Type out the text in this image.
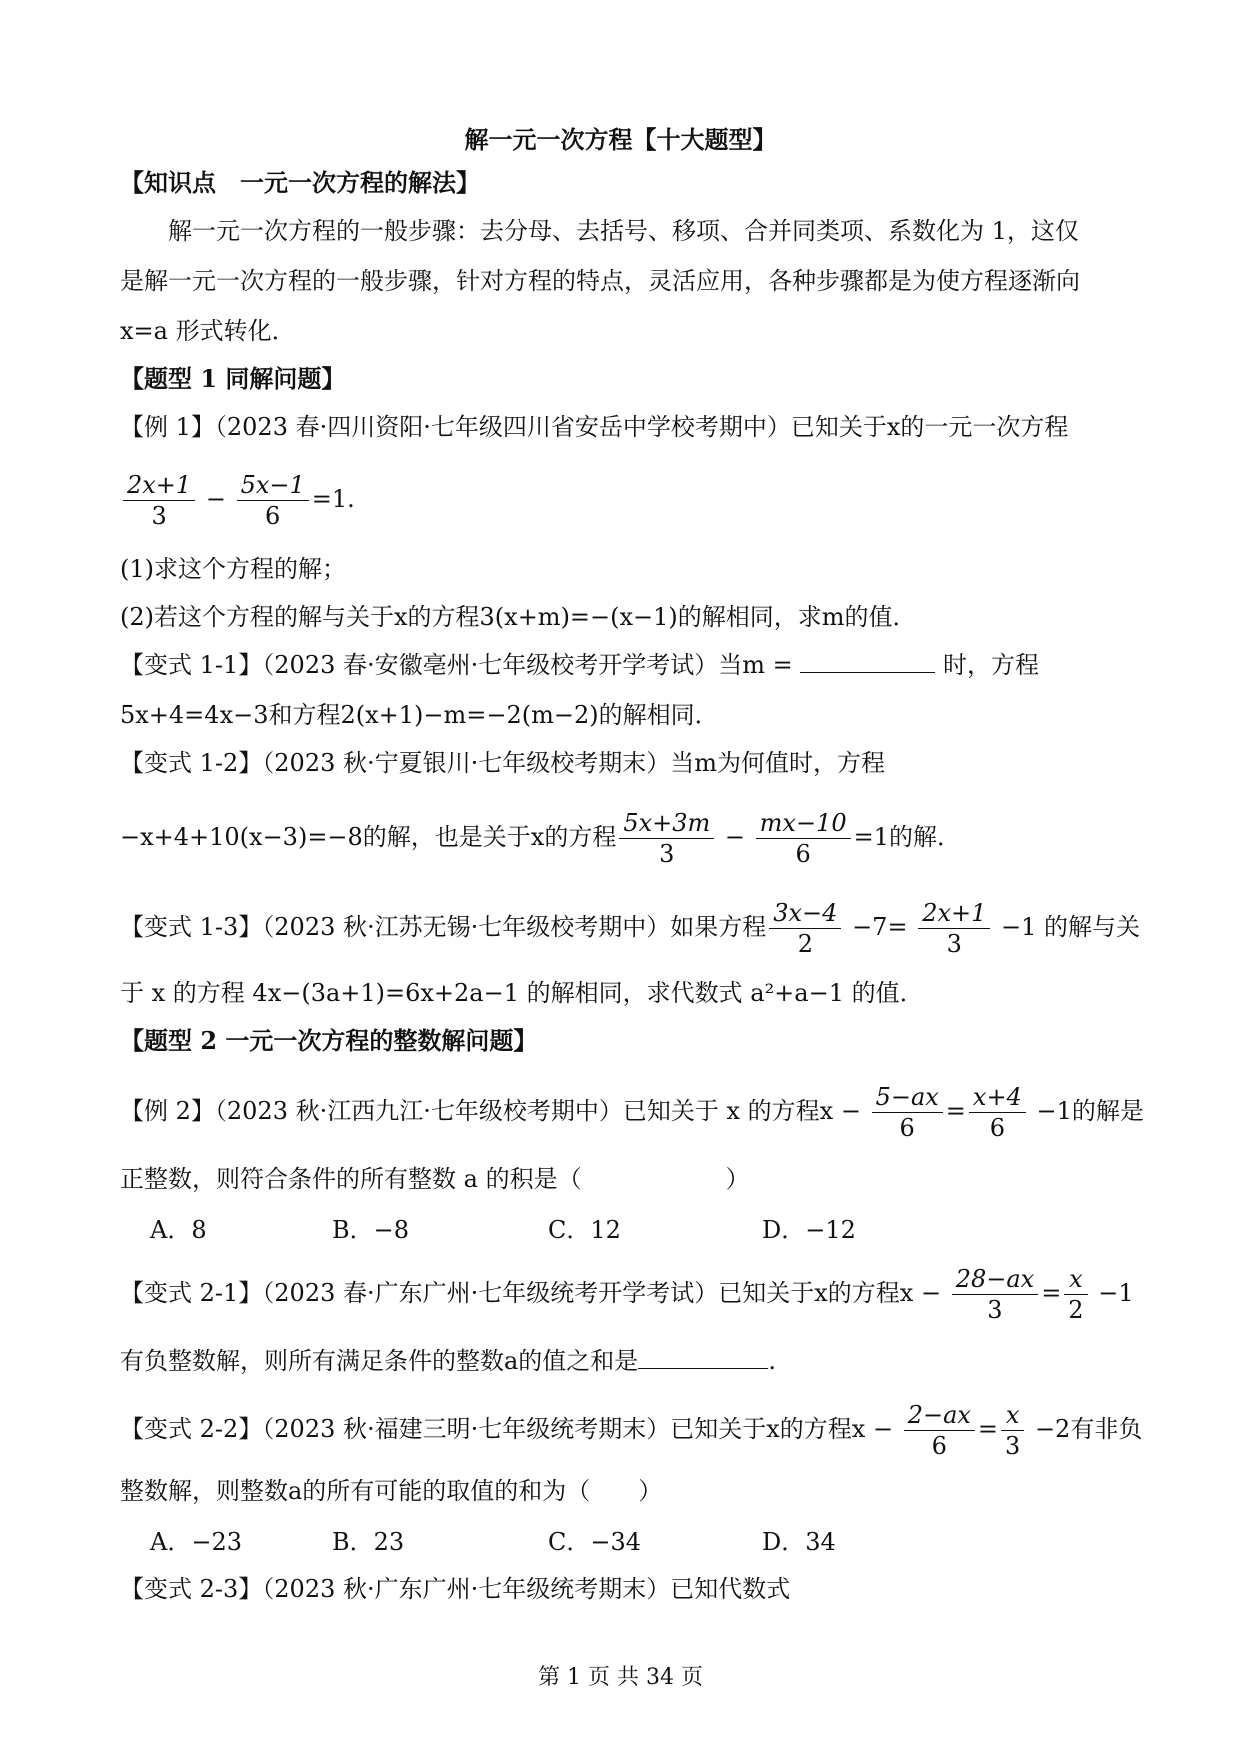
解一元一次方程【十大题型】
【知识点　一元一次方程的解法】
解一元一次方程的一般步骤：去分母、去括号、移项、合并同类项、系数化为 1，这仅
是解一元一次方程的一般步骤，针对方程的特点，灵活应用，各种步骤都是为使方程逐渐向
x=a 形式转化．
【题型 1 同解问题】
【例 1】（2023 春·四川资阳·七年级四川省安岳中学校考期中）已知关于x的一元一次方程
$\frac{2x+1}{3} - \frac{5x-1}{6} =1$.
(1)求这个方程的解；
(2)若这个方程的解与关于x的方程3(x+m)=−(x−1)的解相同，求m的值．
【变式 1-1】（2023 春·安徽亳州·七年级校考开学考试）当m =	时，方程
5x+4=4x−3和方程2(x+1)−m=−2(m−2)的解相同．
【变式 1-2】（2023 秋·宁夏银川·七年级校考期末）当m为何值时，方程
−x+4+10(x−3)=−8的解，也是关于x的方程 $\frac{5x+3m}{3} - \frac{mx-10}{6} =1$的解．
【变式 1-3】（2023 秋·江苏无锡·七年级校考期中）如果方程 $\frac{3x-4}{2} -7= \frac{2x+1}{3} -1$ 的解与关
于 x 的方程 4x−(3a+1)=6x+2a−1 的解相同，求代数式 a²+a−1 的值．
【题型 2 一元一次方程的整数解问题】
【例 2】（2023 秋·江西九江·七年级校考期中）已知关于 x 的方程$x - \frac{5-ax}{6} = \frac{x+4}{6} -1$的解是
正整数，则符合条件的所有整数 a 的积是（　　　　　　）
A．8	B．−8	C．12	D．−12
【变式 2-1】（2023 春·广东广州·七年级统考开学考试）已知关于x的方程$x - \frac{28-ax}{3} = \frac{x}{2} -1$
有负整数解，则所有满足条件的整数a的值之和是	.
【变式 2-2】（2023 秋·福建三明·七年级统考期末）已知关于x的方程$x - \frac{2-ax}{6} = \frac{x}{3} -2$有非负
整数解，则整数a的所有可能的取值的和为（　　）
A．−23	B．23	C．−34	D．34
【变式 2-3】（2023 秋·广东广州·七年级统考期末）已知代数式
第 1 页 共 34 页
